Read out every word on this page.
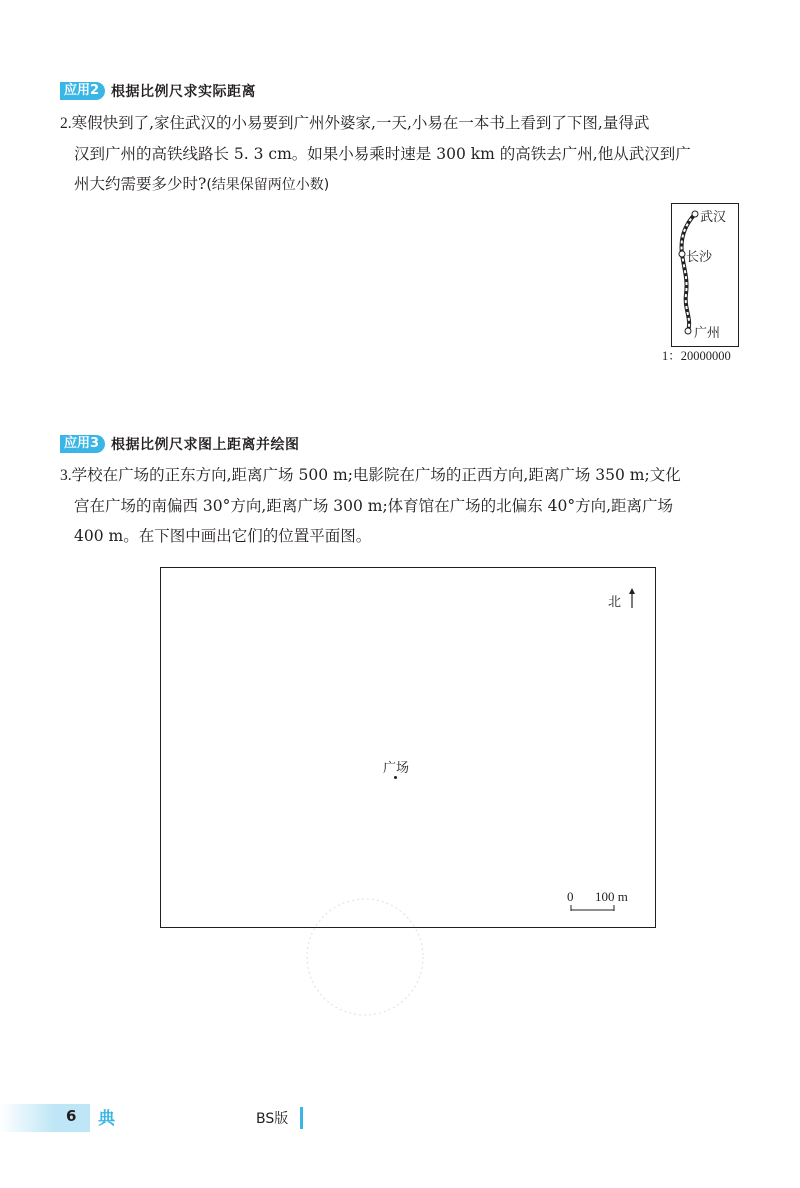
应用2 根据比例尺求实际距离
2.寒假快到了,家住武汉的小易要到广州外婆家,一天,小易在一本书上看到了下图,量得武
汉到广州的高铁线路长 5. 3 cm。如果小易乘时速是 300 km 的高铁去广州,他从武汉到广
州大约需要多少时?(结果保留两位小数)
武汉
长沙
广州
1：20000000
应用3 根据比例尺求图上距离并绘图
3.学校在广场的正东方向,距离广场 500 m;电影院在广场的正西方向,距离广场 350 m;文化
宫在广场的南偏西 30°方向,距离广场 300 m;体育馆在广场的北偏东 40°方向,距离广场
400 m。在下图中画出它们的位置平面图。
北
广场
0 100 m
6 典	BS版
